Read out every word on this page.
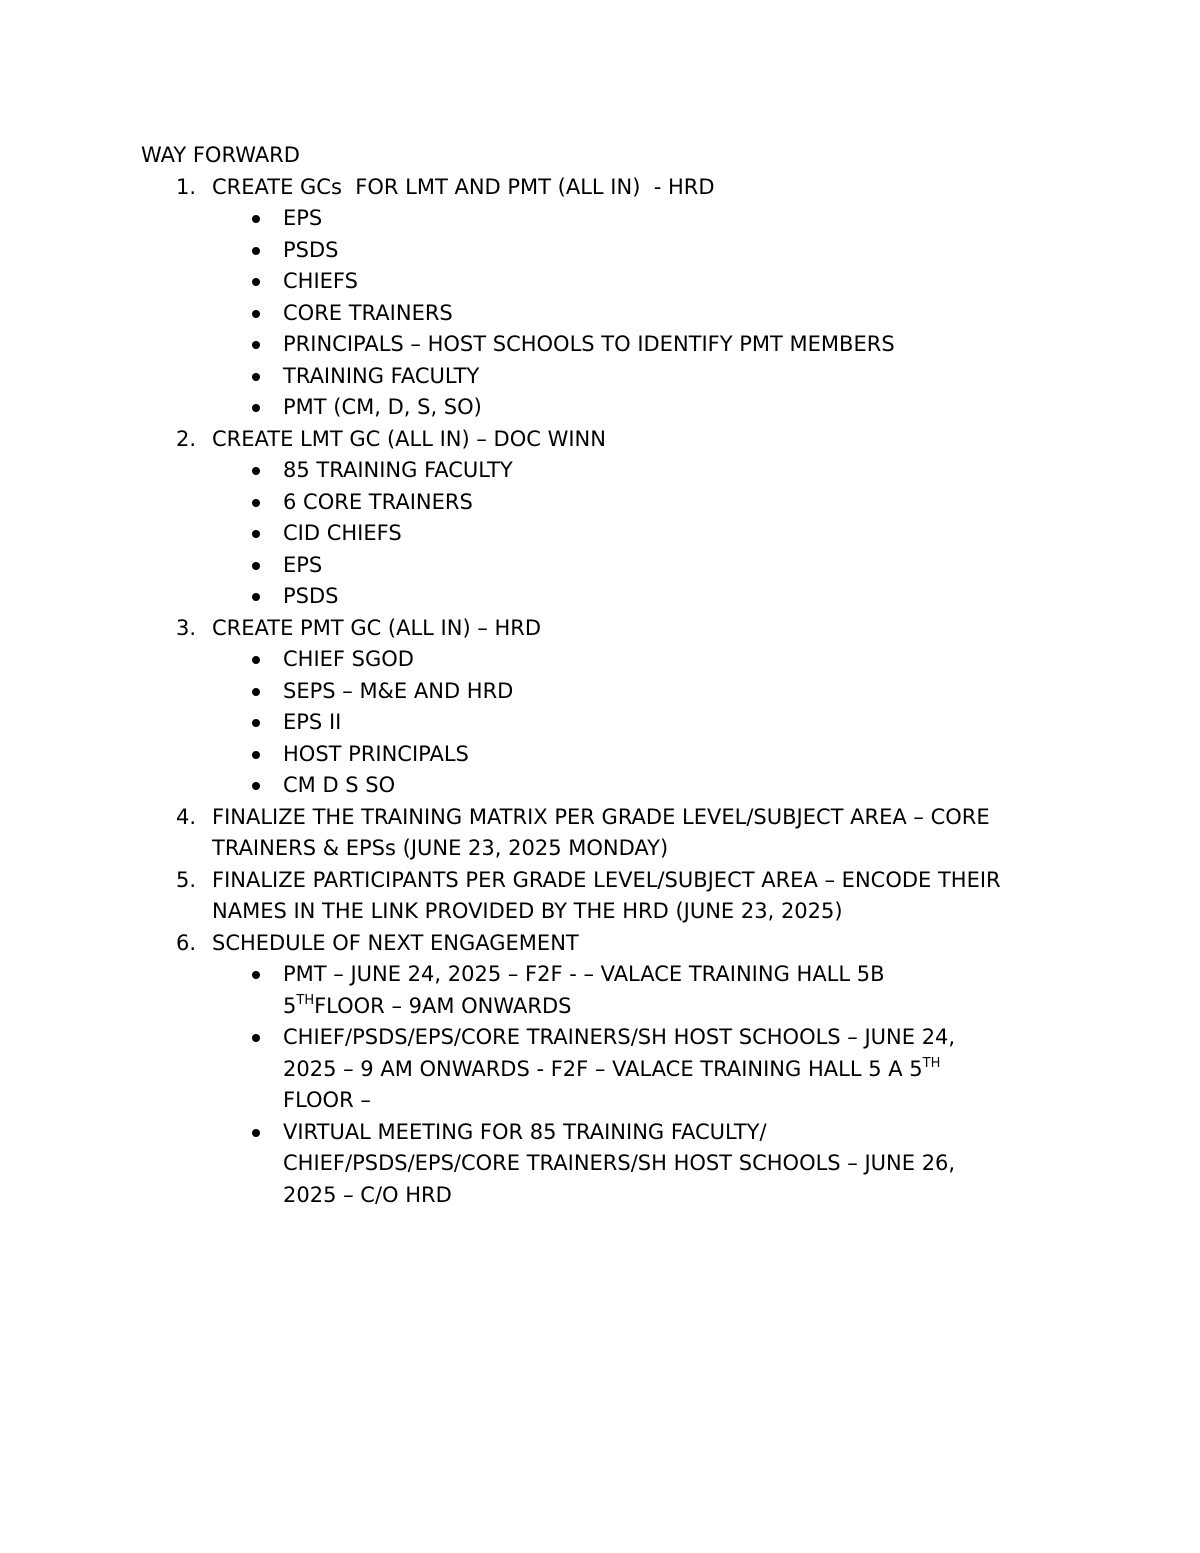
WAY FORWARD

1. CREATE GCs  FOR LMT AND PMT (ALL IN)  - HRD
EPS
PSDS
CHIEFS
CORE TRAINERS
PRINCIPALS – HOST SCHOOLS TO IDENTIFY PMT MEMBERS
TRAINING FACULTY
PMT (CM, D, S, SO)
2. CREATE LMT GC (ALL IN) – DOC WINN
85 TRAINING FACULTY
6 CORE TRAINERS
CID CHIEFS
EPS
PSDS
3. CREATE PMT GC (ALL IN) – HRD
CHIEF SGOD
SEPS – M&E AND HRD
EPS II
HOST PRINCIPALS
CM D S SO
4. FINALIZE THE TRAINING MATRIX PER GRADE LEVEL/SUBJECT AREA – CORE TRAINERS & EPSs (JUNE 23, 2025 MONDAY)
5. FINALIZE PARTICIPANTS PER GRADE LEVEL/SUBJECT AREA – ENCODE THEIR NAMES IN THE LINK PROVIDED BY THE HRD (JUNE 23, 2025)
6. SCHEDULE OF NEXT ENGAGEMENT
PMT – JUNE 24, 2025 – F2F - – VALACE TRAINING HALL 5B
5THFLOOR – 9AM ONWARDS
CHIEF/PSDS/EPS/CORE TRAINERS/SH HOST SCHOOLS – JUNE 24,
2025 – 9 AM ONWARDS - F2F – VALACE TRAINING HALL 5 A 5TH
FLOOR –
VIRTUAL MEETING FOR 85 TRAINING FACULTY/
CHIEF/PSDS/EPS/CORE TRAINERS/SH HOST SCHOOLS – JUNE 26,
2025 – C/O HRD
